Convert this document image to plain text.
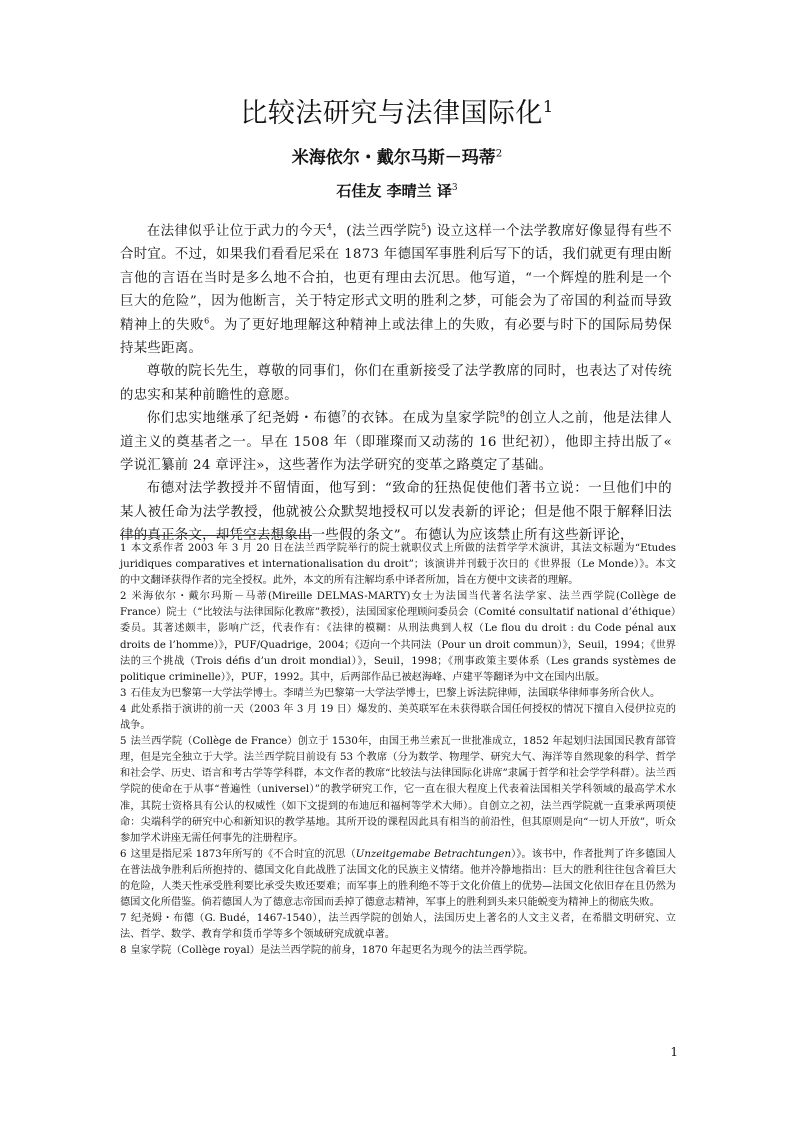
比较法研究与法律国际化$^1$
米海依尔・戴尔马斯－玛蒂$^2$
石佳友 李晴兰 译$^3$

在法律似乎让位于武力的今天$^4$，(法兰西学院$^5$) 设立这样一个法学教席好像显得有些不合时宜。不过，如果我们看看尼采在 1873 年德国军事胜利后写下的话，我们就更有理由断言他的言语在当时是多么地不合拍，也更有理由去沉思。他写道，“一个辉煌的胜利是一个巨大的危险”，因为他断言，关于特定形式文明的胜利之梦，可能会为了帝国的利益而导致精神上的失败$^6$。为了更好地理解这种精神上或法律上的失败，有必要与时下的国际局势保持某些距离。

尊敬的院长先生，尊敬的同事们，你们在重新接受了法学教席的同时，也表达了对传统的忠实和某种前瞻性的意愿。

你们忠实地继承了纪尧姆・布德$^7$的衣钵。在成为皇家学院$^8$的创立人之前，他是法律人道主义的奠基者之一。早在 1508 年（即璀璨而又动荡的 16 世纪初），他即主持出版了« 学说汇纂前 24 章评注»，这些著作为法学研究的变革之路奠定了基础。

布德对法学教授并不留情面，他写到：“致命的狂热促使他们著书立说：一旦他们中的某人被任命为法学教授，他就被公众默契地授权可以发表新的评论；但是他不限于解释旧法律的真正条文，却凭空去想象出一些假的条文”。布德认为应该禁止所有这些新评论，

1 本文系作者 2003 年 3 月 20 日在法兰西学院举行的院士就职仪式上所做的法哲学学术演讲，其法文标题为“Etudes juridiques comparatives et internationalisation du droit”；该演讲并刊载于次日的《世界报（Le Monde）》。本文的中文翻译获得作者的完全授权。此外，本文的所有注解均系中译者所加，旨在方便中文读者的理解。

2 米海依尔・戴尔玛斯－马蒂(Mireille DELMAS-MARTY)女士为法国当代著名法学家、法兰西学院(Collège de France）院士（“比较法与法律国际化教席”教授），法国国家伦理顾问委员会（Comité consultatif national d’éthique）委员。其著述颇丰，影响广泛，代表作有：《法律的模糊：从刑法典到人权（Le flou du droit : du Code pénal aux droits de l’homme）》，PUF/Quadrige，2004；《迈向一个共同法（Pour un droit commun）》，Seuil，1994；《世界法的三个挑战（Trois défis d’un droit mondial）》，Seuil，1998；《刑事政策主要体系（Les grands systèmes de politique criminelle）》，PUF，1992。其中，后两部作品已被赵海峰、卢建平等翻译为中文在国内出版。

3 石佳友为巴黎第一大学法学博士。李晴兰为巴黎第一大学法学博士，巴黎上诉法院律师，法国联华律师事务所合伙人。

4 此处系指于演讲的前一天（2003 年 3 月 19 日）爆发的、美英联军在未获得联合国任何授权的情况下擅自入侵伊拉克的战争。

5 法兰西学院（Collège de France）创立于 1530年，由国王弗兰索瓦一世批准成立，1852 年起划归法国国民教育部管理，但是完全独立于大学。法兰西学院目前设有 53 个教席（分为数学、物理学、研究大气、海洋等自然现象的科学、哲学和社会学、历史、语言和考古学等学科群，本文作者的教席“比较法与法律国际化讲席”隶属于哲学和社会学学科群）。法兰西学院的使命在于从事“普遍性（universel）”的教学研究工作，它一直在很大程度上代表着法国相关学科领域的最高学术水准，其院士资格具有公认的权威性（如下文提到的布迪厄和福柯等学术大师）。自创立之初，法兰西学院就一直秉承两项使命：尖端科学的研究中心和新知识的教学基地。其所开设的课程因此具有相当的前沿性，但其原则是向“一切人开放”，听众参加学术讲座无需任何事先的注册程序。

6 这里是指尼采 1873年所写的《不合时宜的沉思（Unzeitgemabe Betrachtungen）》。该书中，作者批判了许多德国人在普法战争胜利后所抱持的、德国文化自此战胜了法国文化的民族主义情绪。他并冷静地指出：巨大的胜利往往包含着巨大的危险，人类天性承受胜利要比承受失败还要难；而军事上的胜利绝不等于文化价值上的优势—法国文化依旧存在且仍然为德国文化所借鉴。倘若德国人为了德意志帝国而丢掉了德意志精神，军事上的胜利到头来只能蜕变为精神上的彻底失败。

7 纪尧姆・布德（G. Budé，1467-1540），法兰西学院的创始人，法国历史上著名的人文主义者，在希腊文明研究、立法、哲学、数学、教育学和货币学等多个领域研究成就卓著。

8 皇家学院（Collège royal）是法兰西学院的前身，1870 年起更名为现今的法兰西学院。

1
